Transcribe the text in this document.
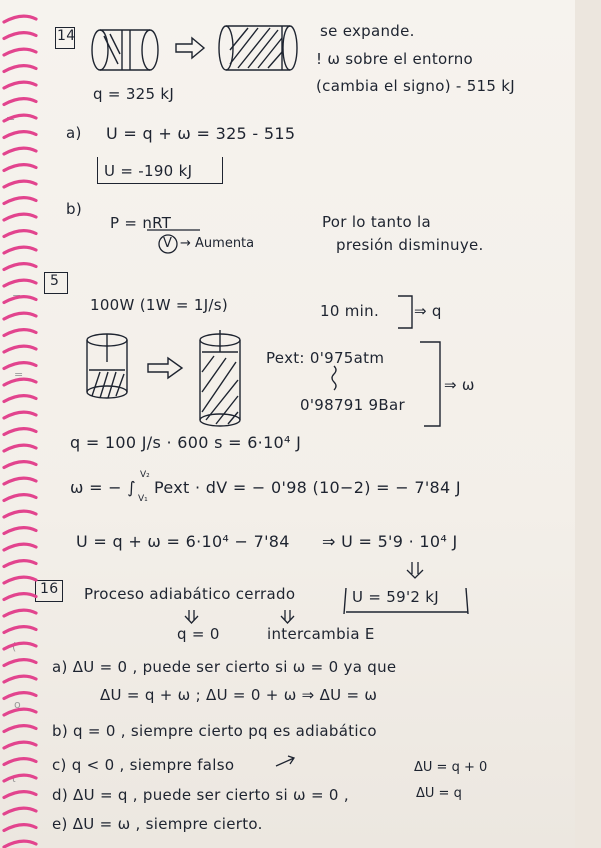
14	se expande.
! ω sobre el entorno
(cambia el signo) - 515 kJ
q = 325 kJ
a) U = q + ω = 325 - 515
U = -190 kJ
b)
P = nRT
V → Aumenta
Por lo tanto la
presión disminuye.
5
100W (1W = 1J/s)	10 min. ⇒ q
Pext: 0'975atm
0'98791 9Bar
⇒ ω
q = 100 J/s · 600 s = 6·10⁴ J
ω = − ∫
V₂
V₁
Pext · dV = − 0'98 (10−2) = − 7'84 J
U = q + ω = 6·10⁴ − 7'84 ⇒ U = 5'9 · 10⁴ J
16 Proceso adiabático cerrado	U = 59'2 kJ
q = 0	intercambia E
a) ΔU = 0 , puede ser cierto si ω = 0 ya que
ΔU = q + ω ; ΔU = 0 + ω ⇒ ΔU = ω
b) q = 0 , siempre cierto pq es adiabático
c) q < 0 , siempre falso	ΔU = q + 0
d) ΔU = q , puede ser cierto si ω = 0 ,	ΔU = q
e) ΔU = ω , siempre cierto.
=
=
=
(
o
ι
